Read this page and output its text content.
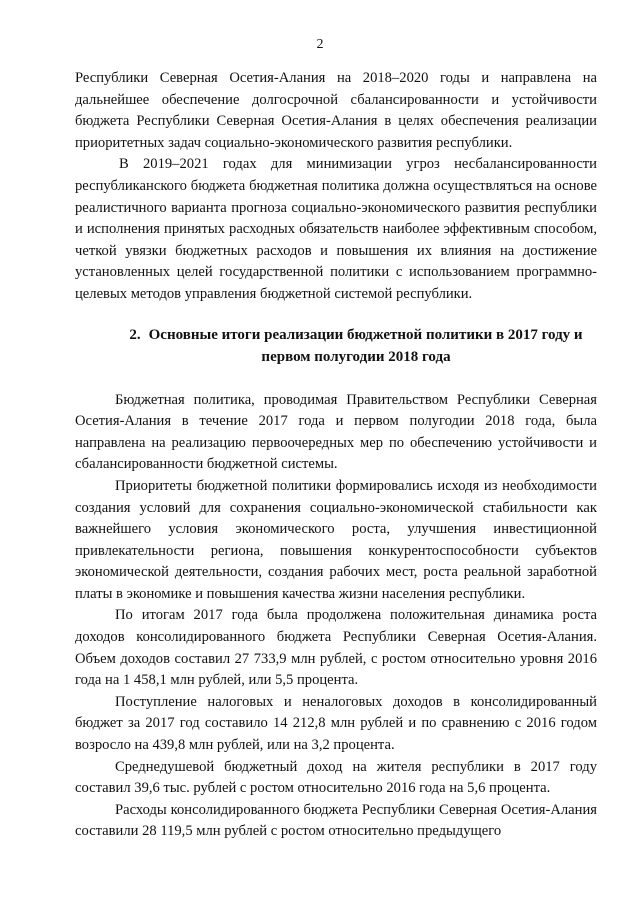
2

Республики Северная Осетия-Алания на 2018–2020 годы и направлена на дальнейшее обеспечение долгосрочной сбалансированности и устойчивости бюджета Республики Северная Осетия-Алания в целях обеспечения реализации приоритетных задач социально-экономического развития республики.

В 2019–2021 годах для минимизации угроз несбалансированности республиканского бюджета бюджетная политика должна осуществляться на основе реалистичного варианта прогноза социально-экономического развития республики и исполнения принятых расходных обязательств наиболее эффективным способом, четкой увязки бюджетных расходов и повышения их влияния на достижение установленных целей государственной политики с использованием программно-целевых методов управления бюджетной системой республики.

2. Основные итоги реализации бюджетной политики в 2017 году и первом полугодии 2018 года

Бюджетная политика, проводимая Правительством Республики Северная Осетия-Алания в течение 2017 года и первом полугодии 2018 года, была направлена на реализацию первоочередных мер по обеспечению устойчивости и сбалансированности бюджетной системы.

Приоритеты бюджетной политики формировались исходя из необходимости создания условий для сохранения социально-экономической стабильности как важнейшего условия экономического роста, улучшения инвестиционной привлекательности региона, повышения конкурентоспособности субъектов экономической деятельности, создания рабочих мест, роста реальной заработной платы в экономике и повышения качества жизни населения республики.

По итогам 2017 года была продолжена положительная динамика роста доходов консолидированного бюджета Республики Северная Осетия-Алания. Объем доходов составил 27 733,9 млн рублей, с ростом относительно уровня 2016 года на 1 458,1 млн рублей, или 5,5 процента.

Поступление налоговых и неналоговых доходов в консолидированный бюджет за 2017 год составило 14 212,8 млн рублей и по сравнению с 2016 годом возросло на 439,8 млн рублей, или на 3,2 процента.

Среднедушевой бюджетный доход на жителя республики в 2017 году составил 39,6 тыс. рублей с ростом относительно 2016 года на 5,6 процента.

Расходы консолидированного бюджета Республики Северная Осетия-Алания составили 28 119,5 млн рублей с ростом относительно предыдущего
